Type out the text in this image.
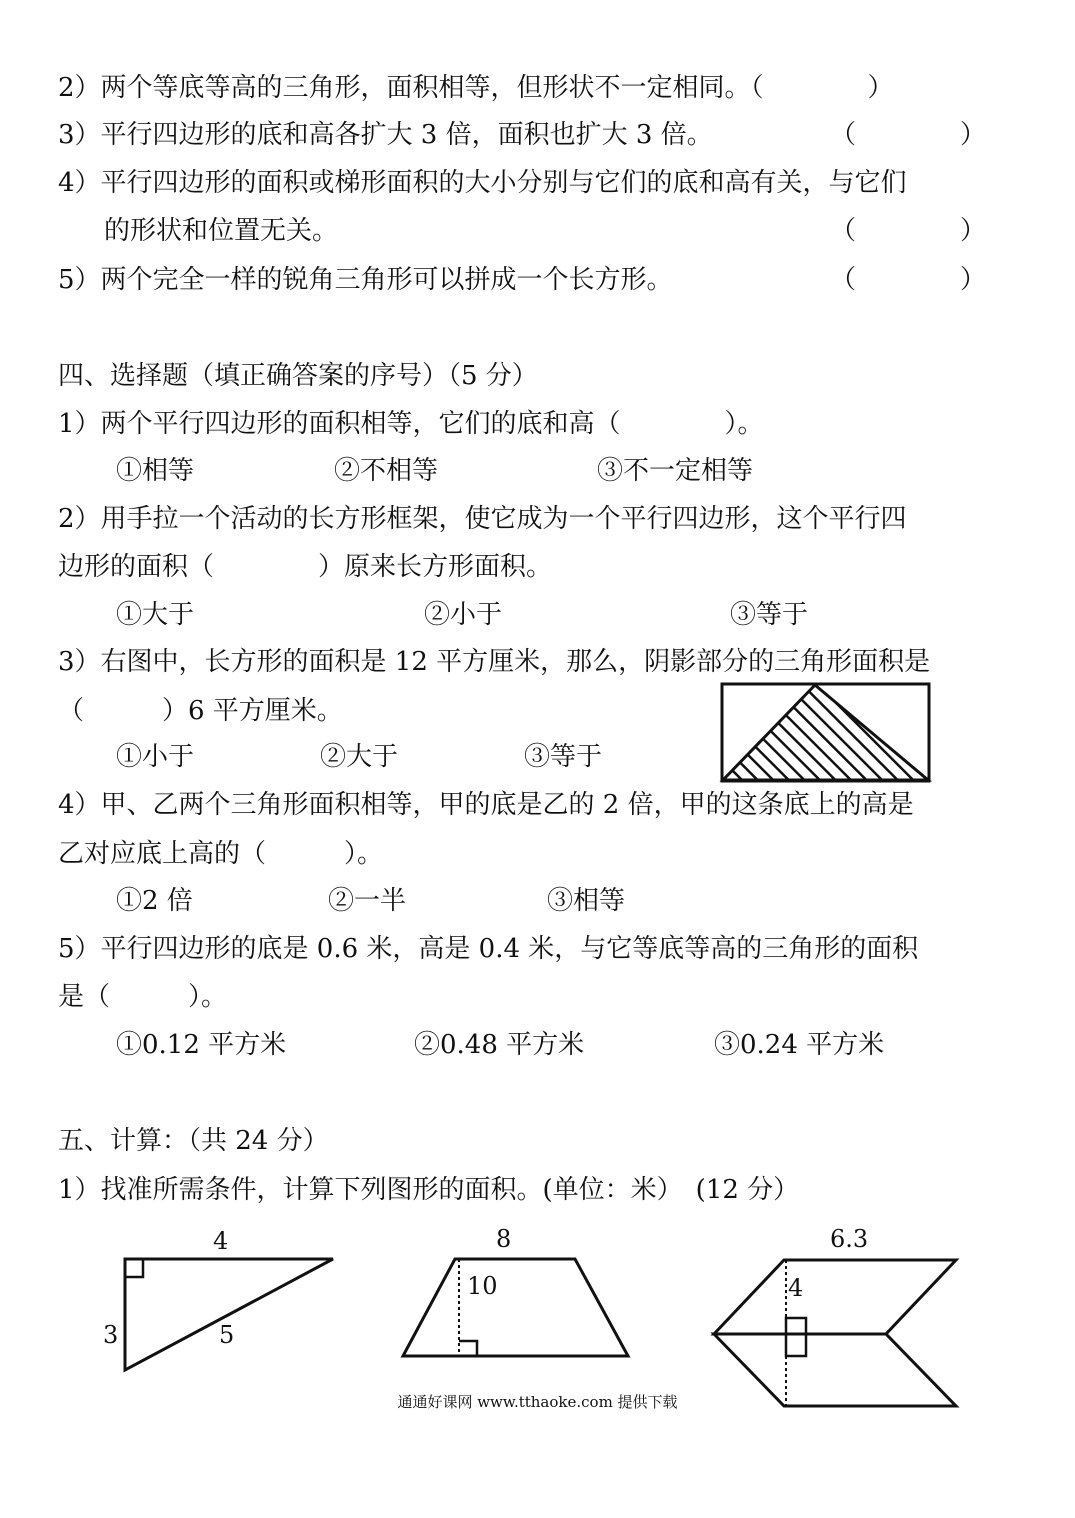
2）两个等底等高的三角形，面积相等，但形状不一定相同。（　　　　）
3）平行四边形的底和高各扩大 3 倍，面积也扩大 3 倍。	（　　　　）
4）平行四边形的面积或梯形面积的大小分别与它们的底和高有关，与它们
的形状和位置无关。	（　　　　）
5）两个完全一样的锐角三角形可以拼成一个长方形。	（　　　　）
四、选择题（填正确答案的序号）（5 分）
1）两个平行四边形的面积相等，它们的底和高（　　　　）。
①相等	②不相等	③不一定相等
2）用手拉一个活动的长方形框架，使它成为一个平行四边形，这个平行四
边形的面积（　　　　）原来长方形面积。
①大于	②小于	③等于
3）右图中，长方形的面积是 12 平方厘米，那么，阴影部分的三角形面积是
（　　　）6 平方厘米。
①小于	②大于	③等于
4）甲、乙两个三角形面积相等，甲的底是乙的 2 倍，甲的这条底上的高是
乙对应底上高的（　　　）。
①2 倍	②一半	③相等
5）平行四边形的底是 0.6 米，高是 0.4 米，与它等底等高的三角形的面积
是（　　　）。
①0.12 平方米	②0.48 平方米	③0.24 平方米
五、计算：（共 24 分）
1）找准所需条件，计算下列图形的面积。(单位：米）　(12 分）
4
3	5
8
10
6.3
4
通通好课网 www.tthaoke.com 提供下载
